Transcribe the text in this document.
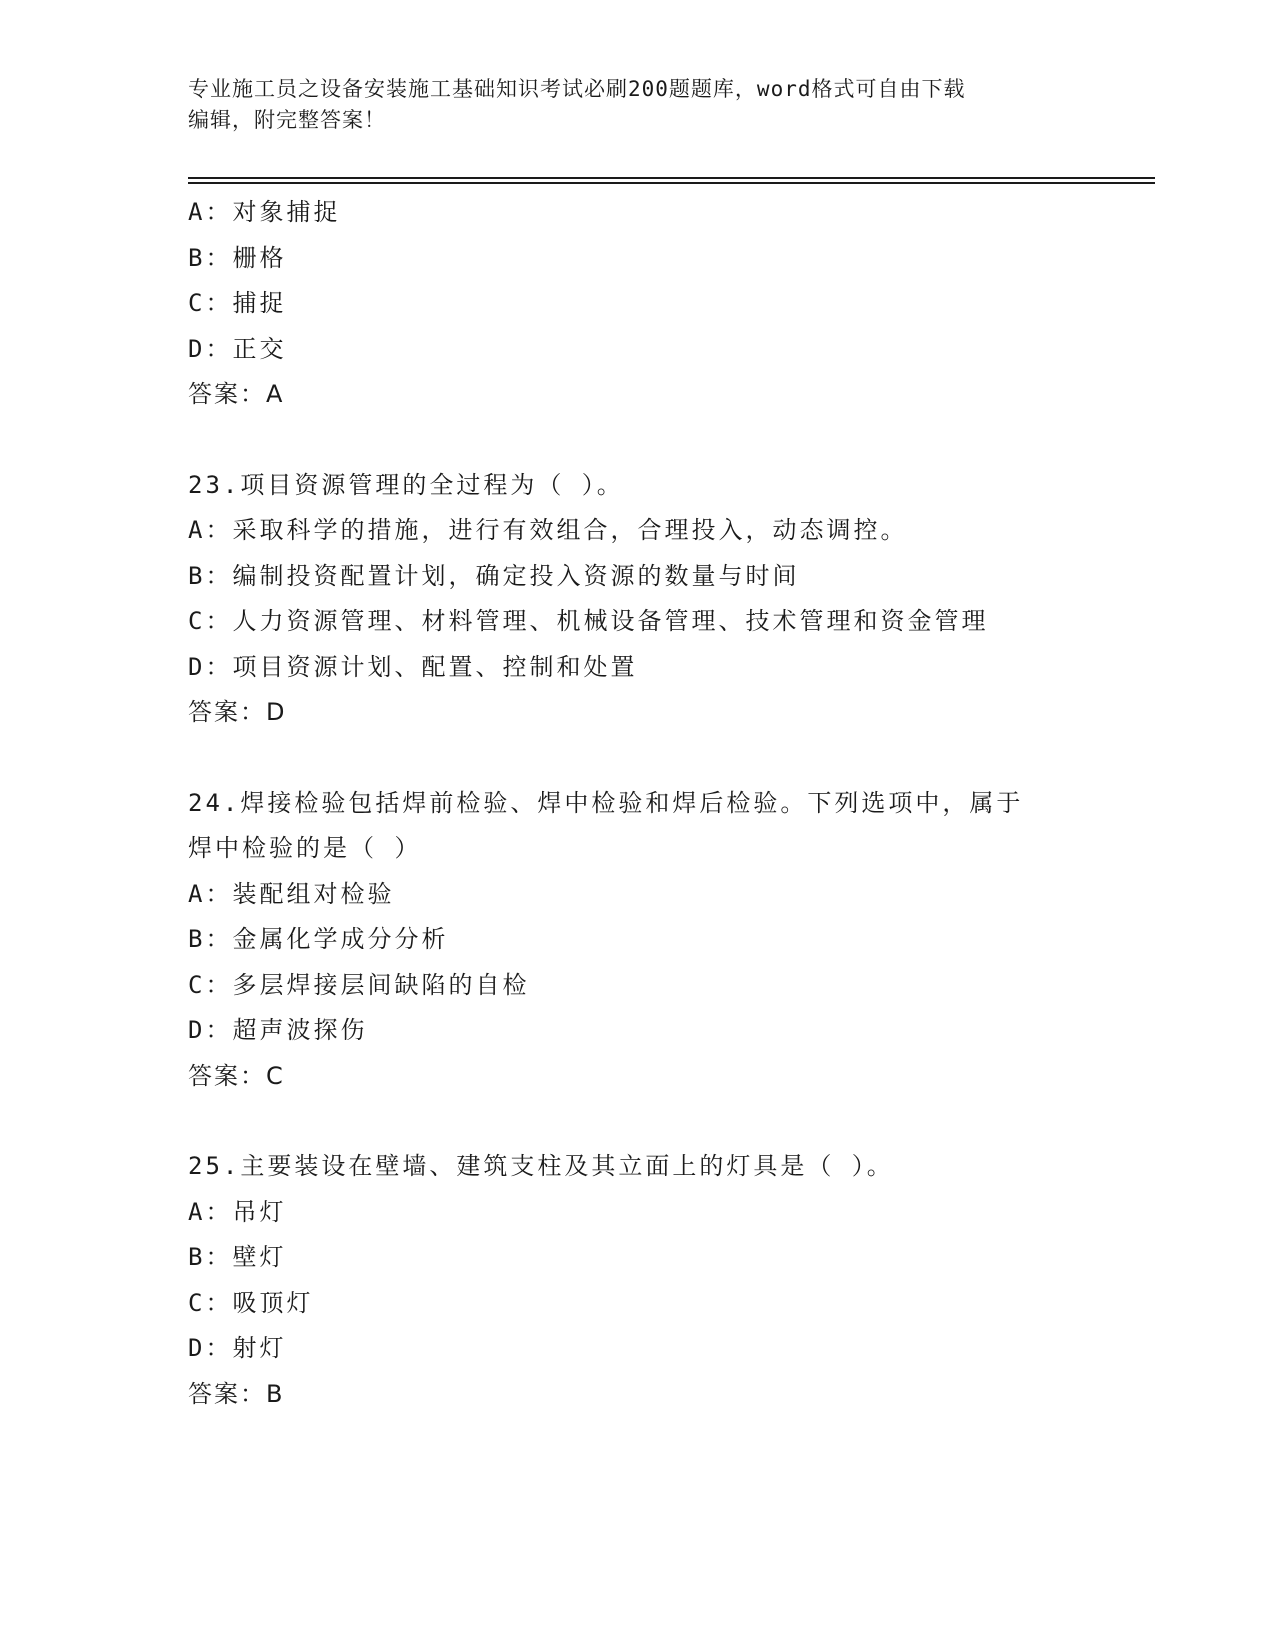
专业施工员之设备安装施工基础知识考试必刷200题题库，word格式可自由下载
编辑，附完整答案！
A：对象捕捉
B：栅格
C：捕捉
D：正交
答案：A
23.项目资源管理的全过程为（ ）。
A：采取科学的措施，进行有效组合，合理投入，动态调控。
B：编制投资配置计划，确定投入资源的数量与时间
C：人力资源管理、材料管理、机械设备管理、技术管理和资金管理
D：项目资源计划、配置、控制和处置
答案：D
24.焊接检验包括焊前检验、焊中检验和焊后检验。下列选项中，属于
焊中检验的是（ ）
A：装配组对检验
B：金属化学成分分析
C：多层焊接层间缺陷的自检
D：超声波探伤
答案：C
25.主要装设在壁墙、建筑支柱及其立面上的灯具是（ ）。
A：吊灯
B：壁灯
C：吸顶灯
D：射灯
答案：B
